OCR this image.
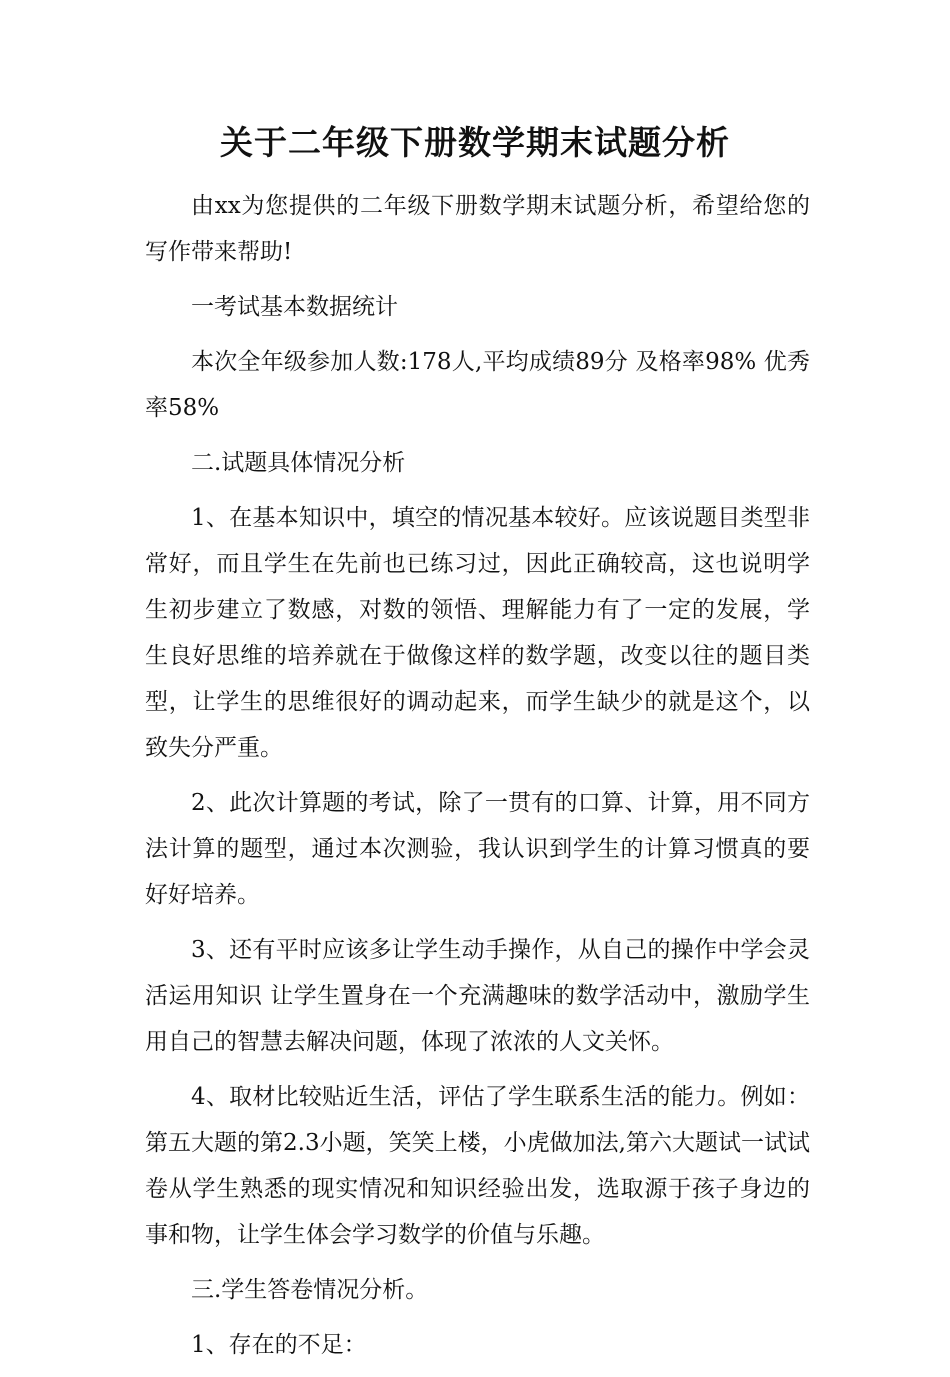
关于二年级下册数学期末试题分析

由xx为您提供的二年级下册数学期末试题分析，希望给您的写作带来帮助!

一考试基本数据统计

本次全年级参加人数:178人,平均成绩89分 及格率98% 优秀率58%

二.试题具体情况分析

1、在基本知识中，填空的情况基本较好。应该说题目类型非常好，而且学生在先前也已练习过，因此正确较高，这也说明学生初步建立了数感，对数的领悟、理解能力有了一定的发展，学生良好思维的培养就在于做像这样的数学题，改变以往的题目类型，让学生的思维很好的调动起来，而学生缺少的就是这个，以致失分严重。

2、此次计算题的考试，除了一贯有的口算、计算，用不同方法计算的题型，通过本次测验，我认识到学生的计算习惯真的要好好培养。

3、还有平时应该多让学生动手操作，从自己的操作中学会灵活运用知识 让学生置身在一个充满趣味的数学活动中，激励学生用自己的智慧去解决问题，体现了浓浓的人文关怀。

4、取材比较贴近生活，评估了学生联系生活的能力。例如：第五大题的第2.3小题，笑笑上楼，小虎做加法,第六大题试一试试卷从学生熟悉的现实情况和知识经验出发，选取源于孩子身边的事和物，让学生体会学习数学的价值与乐趣。

三.学生答卷情况分析。

1、存在的不足：
